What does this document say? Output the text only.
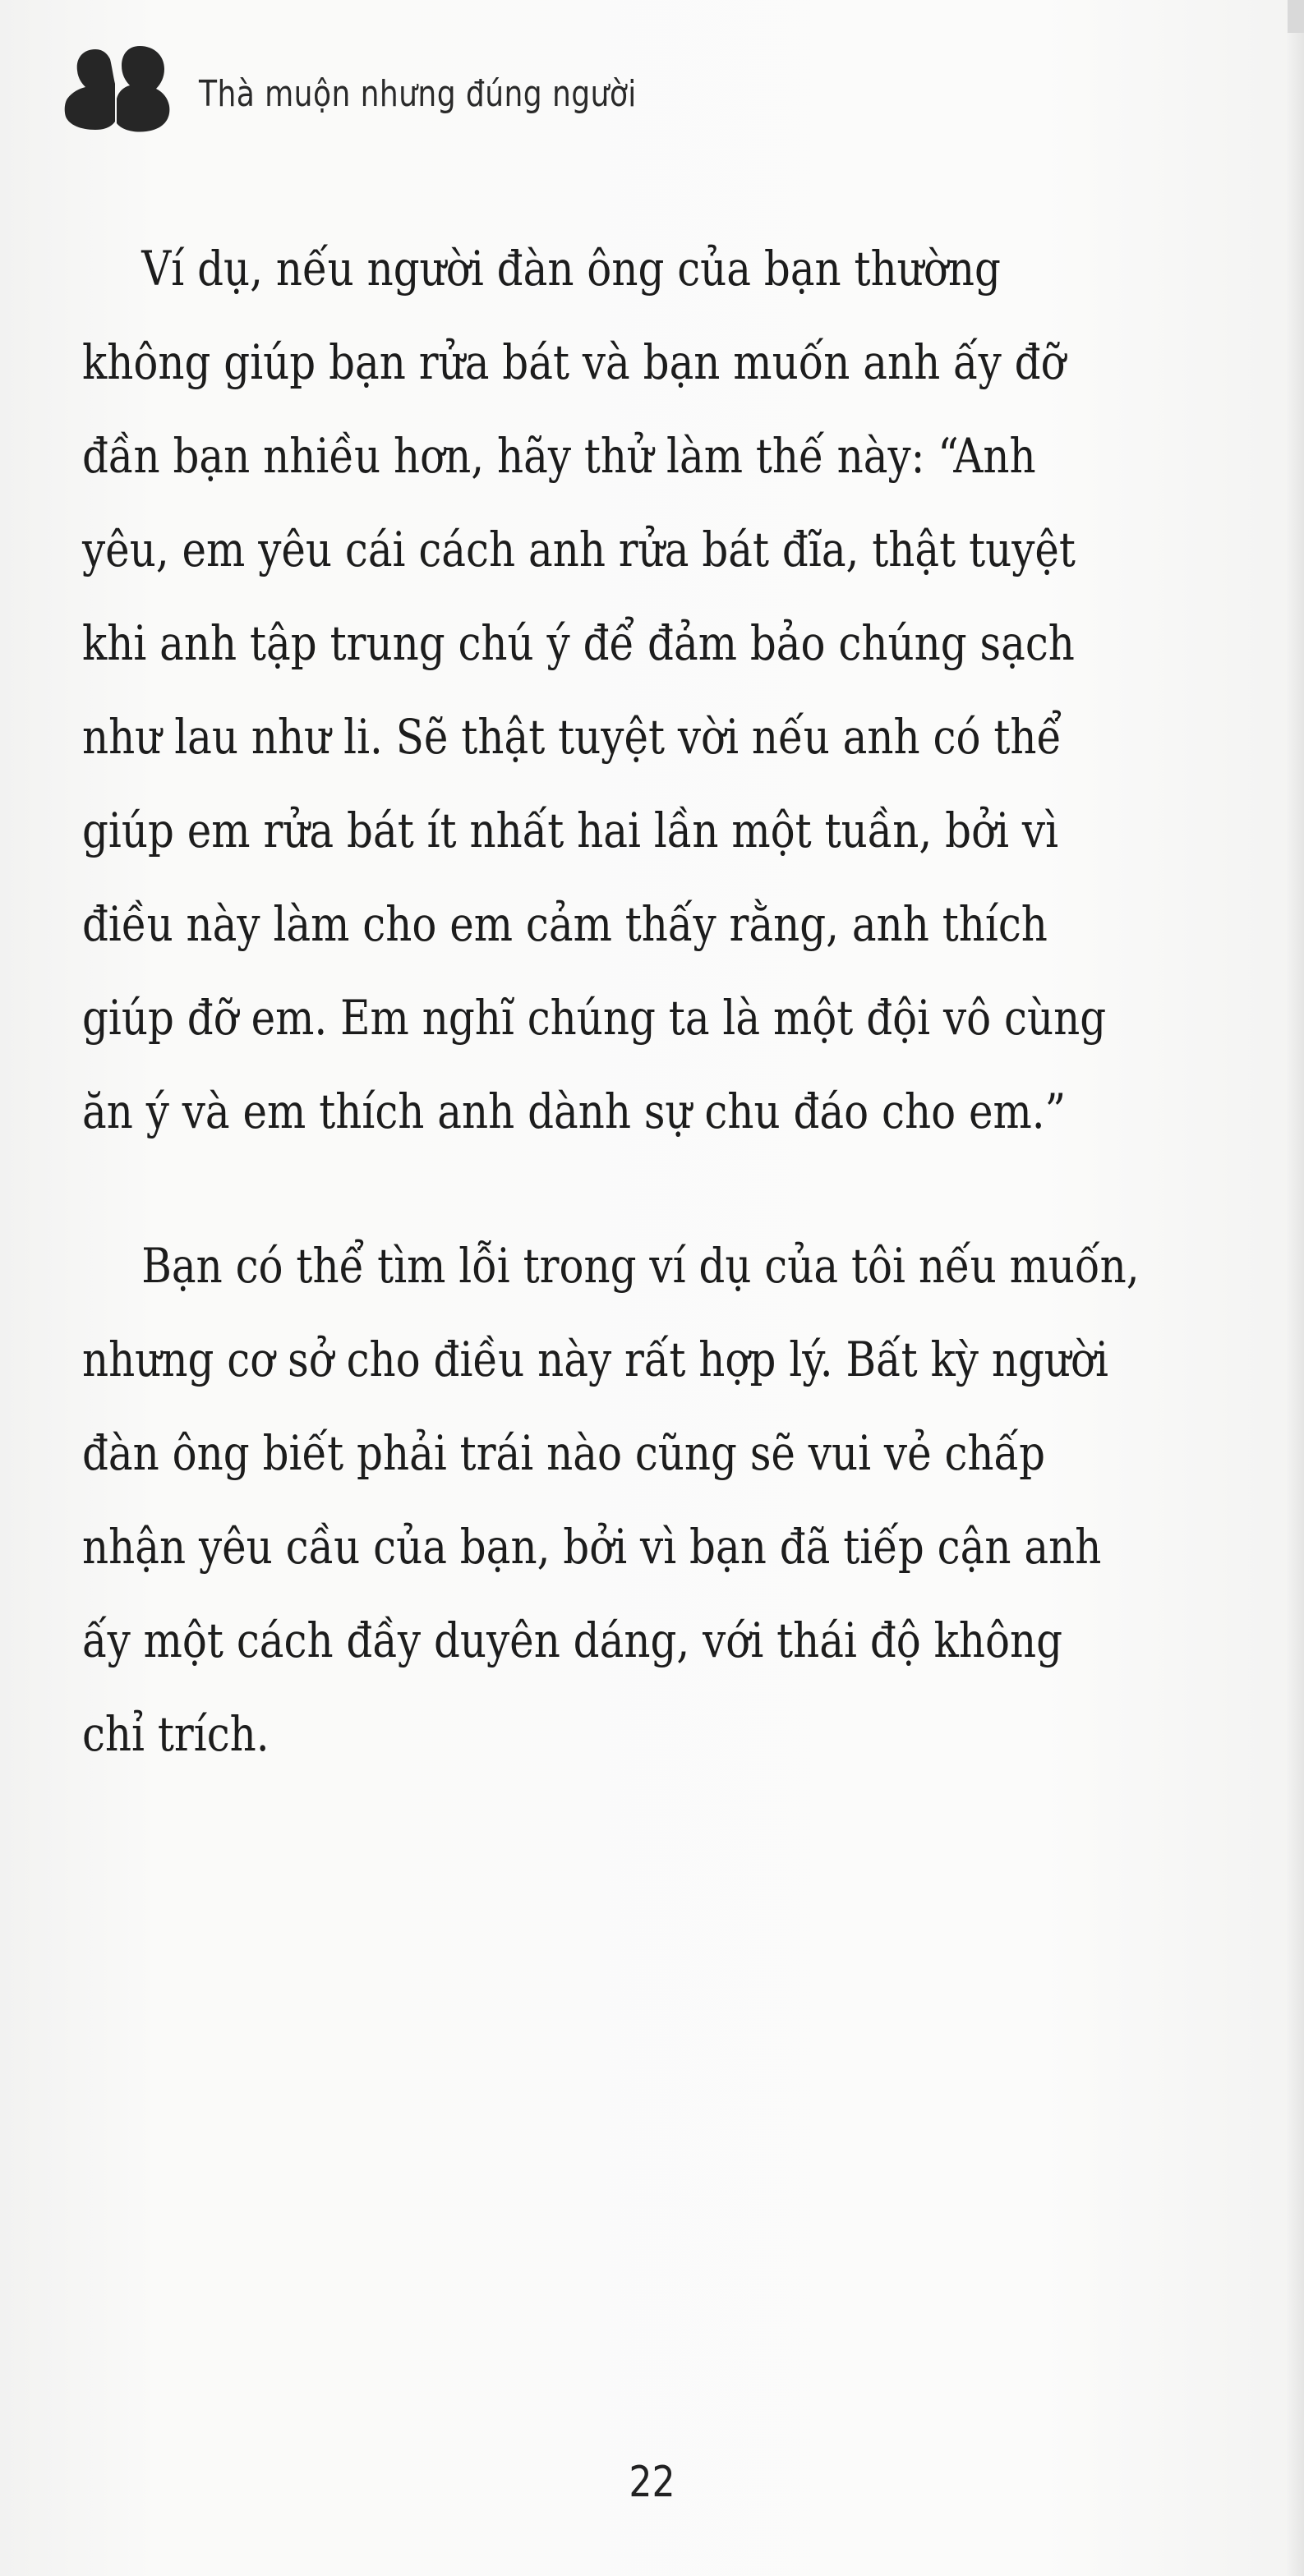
Thà muộn nhưng đúng người
Ví dụ, nếu người đàn ông của bạn thường
không giúp bạn rửa bát và bạn muốn anh ấy đỡ
đần bạn nhiều hơn, hãy thử làm thế này: “Anh
yêu, em yêu cái cách anh rửa bát đĩa, thật tuyệt
khi anh tập trung chú ý để đảm bảo chúng sạch
như lau như li. Sẽ thật tuyệt vời nếu anh có thể
giúp em rửa bát ít nhất hai lần một tuần, bởi vì
điều này làm cho em cảm thấy rằng, anh thích
giúp đỡ em. Em nghĩ chúng ta là một đội vô cùng
ăn ý và em thích anh dành sự chu đáo cho em.”
Bạn có thể tìm lỗi trong ví dụ của tôi nếu muốn,
nhưng cơ sở cho điều này rất hợp lý. Bất kỳ người
đàn ông biết phải trái nào cũng sẽ vui vẻ chấp
nhận yêu cầu của bạn, bởi vì bạn đã tiếp cận anh
ấy một cách đầy duyên dáng, với thái độ không
chỉ trích.
22
